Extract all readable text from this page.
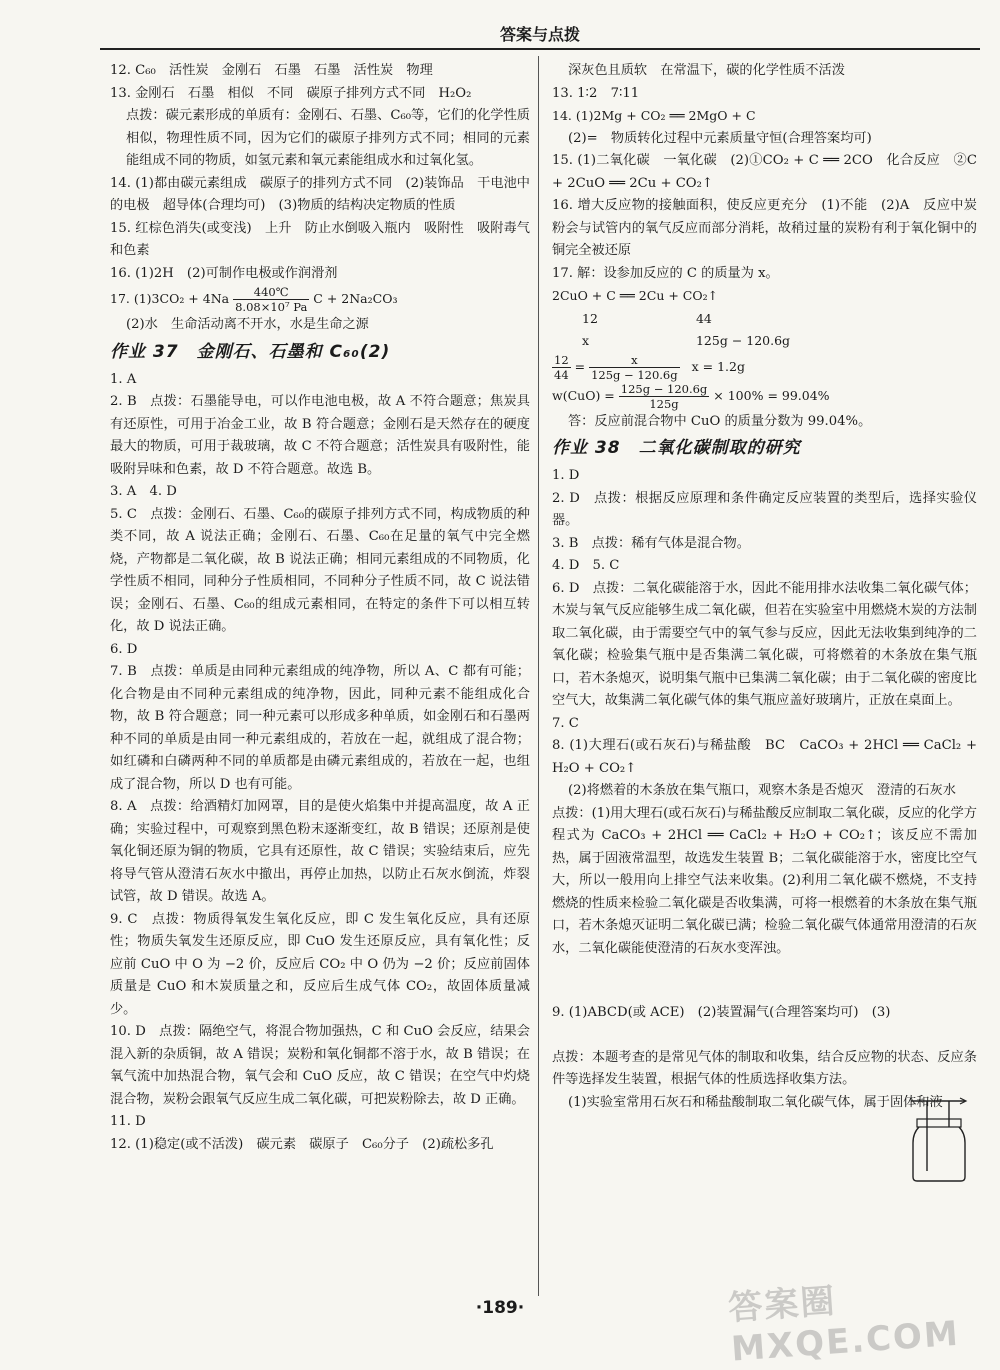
答案与点拨

12. C₆₀　活性炭　金刚石　石墨　石墨　活性炭　物理

13. 金刚石　石墨　相似　不同　碳原子排列方式不同　H₂O₂

点拨：碳元素形成的单质有：金刚石、石墨、C₆₀等，它们的化学性质相似，物理性质不同，因为它们的碳原子排列方式不同；相同的元素能组成不同的物质，如氢元素和氧元素能组成水和过氧化氢。

14. (1)都由碳元素组成　碳原子的排列方式不同　(2)装饰品　干电池中的电极　超导体(合理均可)　(3)物质的结构决定物质的性质

15. 红棕色消失(或变浅)　上升　防止水倒吸入瓶内　吸附性　吸附毒气和色素

16. (1)2H　(2)可制作电极或作润滑剂

17. $(1)3CO_2 + 4Na \frac{440℃}{\text{8.08×10⁷ Pa}}$ C + 2Na₂CO₃

(2)水　生命活动离不开水，水是生命之源

作业 37　金刚石、石墨和 C₆₀(2)

1. A

2. B　点拨：石墨能导电，可以作电池电极，故 A 不符合题意；焦炭具有还原性，可用于冶金工业，故 B 符合题意；金刚石是天然存在的硬度最大的物质，可用于裁玻璃，故 C 不符合题意；活性炭具有吸附性，能吸附异味和色素，故 D 不符合题意。故选 B。

3. A　4. D

5. C　点拨：金刚石、石墨、C₆₀的碳原子排列方式不同，构成物质的种类不同，故 A 说法正确；金刚石、石墨、C₆₀在足量的氧气中完全燃烧，产物都是二氧化碳，故 B 说法正确；相同元素组成的不同物质，化学性质不相同，同种分子性质相同，不同种分子性质不同，故 C 说法错误；金刚石、石墨、C₆₀的组成元素相同，在特定的条件下可以相互转化，故 D 说法正确。

6. D

7. B　点拨：单质是由同种元素组成的纯净物，所以 A、C 都有可能；化合物是由不同种元素组成的纯净物，因此，同种元素不能组成化合物，故 B 符合题意；同一种元素可以形成多种单质，如金刚石和石墨两种不同的单质是由同一种元素组成的，若放在一起，就组成了混合物；如红磷和白磷两种不同的单质都是由磷元素组成的，若放在一起，也组成了混合物，所以 D 也有可能。

8. A　点拨：给酒精灯加网罩，目的是使火焰集中并提高温度，故 A 正确；实验过程中，可观察到黑色粉末逐渐变红，故 B 错误；还原剂是使氧化铜还原为铜的物质，它具有还原性，故 C 错误；实验结束后，应先将导气管从澄清石灰水中撤出，再停止加热，以防止石灰水倒流，炸裂试管，故 D 错误。故选 A。

9. C　点拨：物质得氧发生氧化反应，即 C 发生氧化反应，具有还原性；物质失氧发生还原反应，即 CuO 发生还原反应，具有氧化性；反应前 CuO 中 O 为 −2 价，反应后 CO₂ 中 O 仍为 −2 价；反应前固体质量是 CuO 和木炭质量之和，反应后生成气体 CO₂，故固体质量减少。

10. D　点拨：隔绝空气，将混合物加强热，C 和 CuO 会反应，结果会混入新的杂质铜，故 A 错误；炭粉和氧化铜都不溶于水，故 B 错误；在氧气流中加热混合物，氧气会和 CuO 反应，故 C 错误；在空气中灼烧混合物，炭粉会跟氧气反应生成二氧化碳，可把炭粉除去，故 D 正确。

11. D

12. (1)稳定(或不活泼)　碳元素　碳原子　C₆₀分子　(2)疏松多孔

深灰色且质软　在常温下，碳的化学性质不活泼

13. 1∶2　7∶11

14. (1)2Mg + CO₂ ══ 2MgO + C

(2)=　物质转化过程中元素质量守恒(合理答案均可)

15. (1)二氧化碳　一氧化碳　(2)①CO₂ + C ══ 2CO　化合反应　②C + 2CuO ══ 2Cu + CO₂↑

16. 增大反应物的接触面积，使反应更充分　(1)不能　(2)A　反应中炭粉会与试管内的氧气反应而部分消耗，故稍过量的炭粉有利于氧化铜中的铜完全被还原

17. 解：设参加反应的 C 的质量为 x。

2CuO + C ══ 2Cu + CO₂↑

12	44

x	125g − 120.6g

$\frac{12}{44} = \frac{x}{125g - 120.6g}$ x = 1.2g

$w(CuO) = \frac{125g - 120.6g}{125g} \times 100\% = 99.04\%$

答：反应前混合物中 CuO 的质量分数为 99.04%。

作业 38　二氧化碳制取的研究

1. D

2. D　点拨：根据反应原理和条件确定反应装置的类型后，选择实验仪器。

3. B　点拨：稀有气体是混合物。

4. D　5. C

6. D　点拨：二氧化碳能溶于水，因此不能用排水法收集二氧化碳气体；木炭与氧气反应能够生成二氧化碳，但若在实验室中用燃烧木炭的方法制取二氧化碳，由于需要空气中的氧气参与反应，因此无法收集到纯净的二氧化碳；检验集气瓶中是否集满二氧化碳，可将燃着的木条放在集气瓶口，若木条熄灭，说明集气瓶中已集满二氧化碳；由于二氧化碳的密度比空气大，故集满二氧化碳气体的集气瓶应盖好玻璃片，正放在桌面上。

7. C

8. (1)大理石(或石灰石)与稀盐酸　BC　CaCO₃ + 2HCl ══ CaCl₂ + H₂O + CO₂↑

(2)将燃着的木条放在集气瓶口，观察木条是否熄灭　澄清的石灰水

点拨：(1)用大理石(或石灰石)与稀盐酸反应制取二氧化碳，反应的化学方程式为 CaCO₃ + 2HCl ══ CaCl₂ + H₂O + CO₂↑；该反应不需加热，属于固液常温型，故选发生装置 B；二氧化碳能溶于水，密度比空气大，所以一般用向上排空气法来收集。(2)利用二氧化碳不燃烧，不支持燃烧的性质来检验二氧化碳是否收集满，可将一根燃着的木条放在集气瓶口，若木条熄灭证明二氧化碳已满；检验二氧化碳气体通常用澄清的石灰水，二氧化碳能使澄清的石灰水变浑浊。

9. (1)ABCD(或 ACE)　(2)装置漏气(合理答案均可)　(3)

点拨：本题考查的是常见气体的制取和收集，结合反应物的状态、反应条件等选择发生装置，根据气体的性质选择收集方法。

(1)实验室常用石灰石和稀盐酸制取二氧化碳气体，属于固体和液

·189·	答案圈 MXQE.COM
